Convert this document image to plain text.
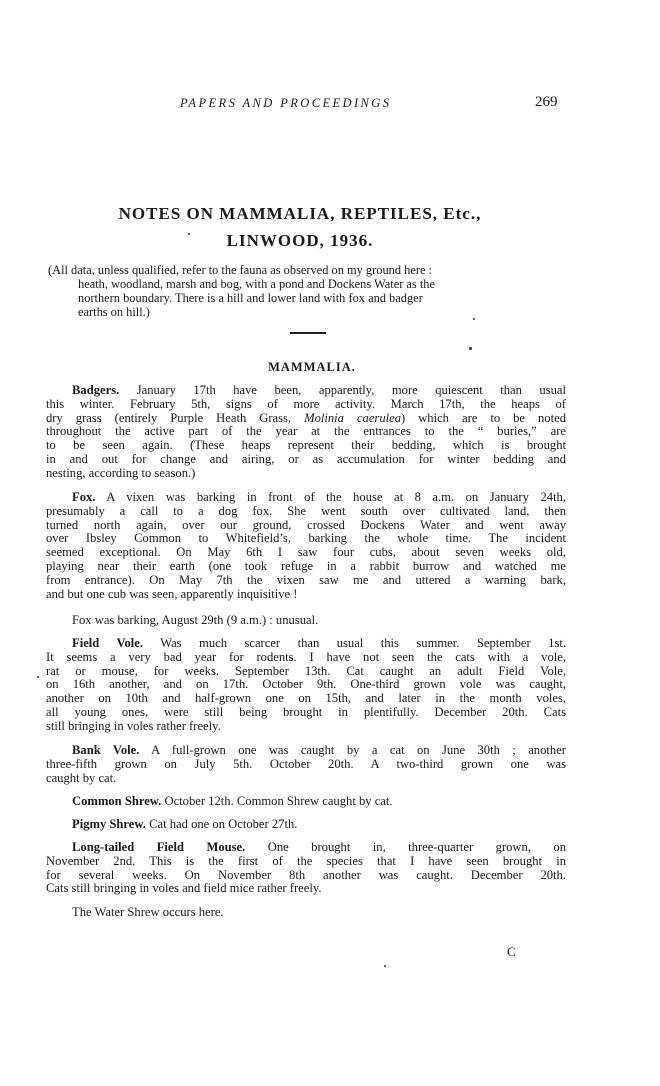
PAPERS AND PROCEEDINGS	269
NOTES ON MAMMALIA, REPTILES, Etc.,
LINWOOD, 1936.
(All data, unless qualified, refer to the fauna as observed on my ground here :
heath, woodland, marsh and bog, with a pond and Dockens Water as the
northern boundary. There is a hill and lower land with fox and badger
earths on hill.)
MAMMALIA.
Badgers. January 17th have been, apparently, more quiescent than usual
this winter. February 5th, signs of more activity. March 17th, the heaps of
dry grass (entirely Purple Heath Grass, Molinia caerulea) which are to be noted
throughout the active part of the year at the entrances to the “ buries,” are
to be seen again. (These heaps represent their bedding, which is brought
in and out for change and airing, or as accumulation for winter bedding and
nesting, according to season.)
Fox. A vixen was barking in front of the house at 8 a.m. on January 24th,
presumably a call to a dog fox. She went south over cultivated land, then
turned north again, over our ground, crossed Dockens Water and went away
over Ibsley Common to Whitefield’s, barking the whole time. The incident
seemed exceptional. On May 6th I saw four cubs, about seven weeks old,
playing near their earth (one took refuge in a rabbit burrow and watched me
from entrance). On May 7th the vixen saw me and uttered a warning bark,
and but one cub was seen, apparently inquisitive !
Fox was barking, August 29th (9 a.m.) : unusual.
Field Vole. Was much scarcer than usual this summer. September 1st.
It seems a very bad year for rodents. I have not seen the cats with a vole,
rat or mouse, for weeks. September 13th. Cat caught an adult Field Vole,
on 16th another, and on 17th. October 9th. One-third grown vole was caught,
another on 10th and half-grown one on 15th, and later in the month voles,
all young ones, were still being brought in plentifully. December 20th. Cats
still bringing in voles rather freely.
Bank Vole. A full-grown one was caught by a cat on June 30th ; another
three-fifth grown on July 5th. October 20th. A two-third grown one was
caught by cat.
Common Shrew. October 12th. Common Shrew caught by cat.
Pigmy Shrew. Cat had one on October 27th.
Long-tailed Field Mouse. One brought in, three-quarter grown, on
November 2nd. This is the first of the species that I have seen brought in
for several weeks. On November 8th another was caught. December 20th.
Cats still bringing in voles and field mice rather freely.
The Water Shrew occurs here.
C
